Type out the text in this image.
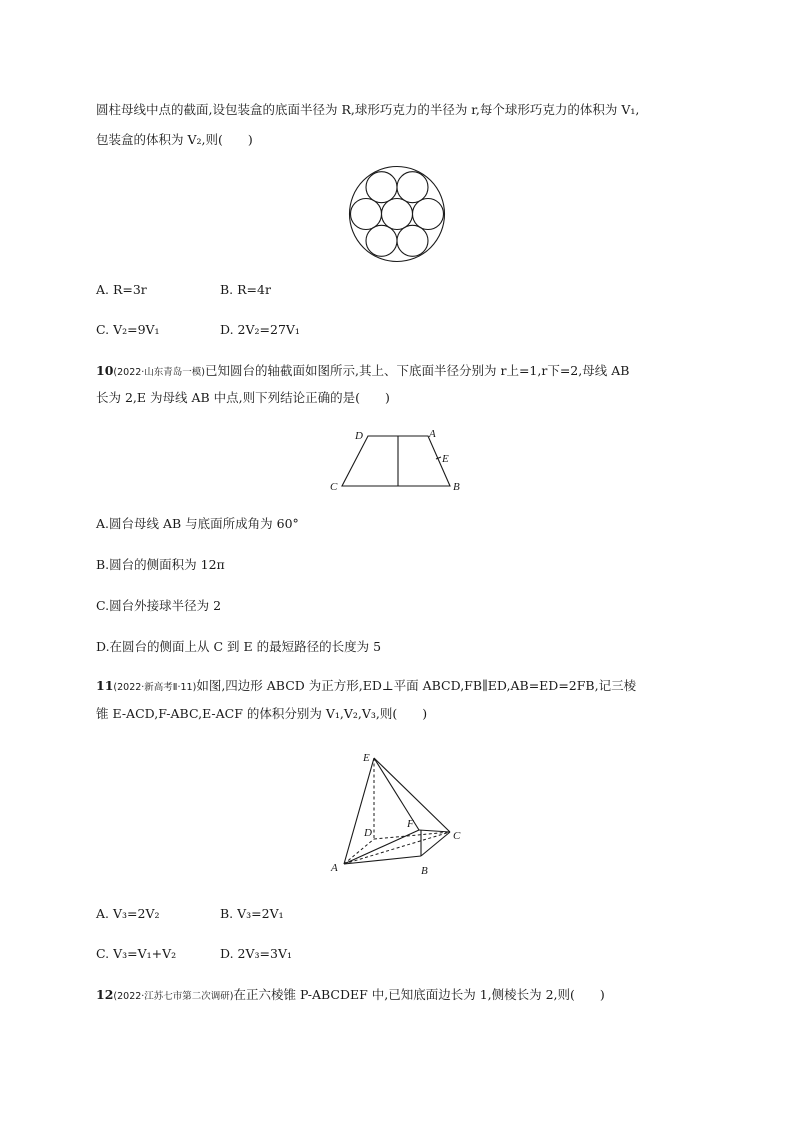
圆柱母线中点的截面,设包装盒的底面半径为 R,球形巧克力的半径为 r,每个球形巧克力的体积为 V₁,
包装盒的体积为 V₂,则(　　)
A. R=3r	B. R=4r
C. V₂=9V₁	D. 2V₂=27V₁
10(2022·山东青岛一模)已知圆台的轴截面如图所示,其上、下底面半径分别为 r上=1,r下=2,母线 AB
长为 2,E 为母线 AB 中点,则下列结论正确的是(　　)
D	A
E
C	B
A.圆台母线 AB 与底面所成角为 60°
B.圆台的侧面积为 12π
C.圆台外接球半径为 2
D.在圆台的侧面上从 C 到 E 的最短路径的长度为 5
11(2022·新高考Ⅱ·11)如图,四边形 ABCD 为正方形,ED⊥平面 ABCD,FB∥ED,AB=ED=2FB,记三棱
锥 E-ACD,F-ABC,E-ACF 的体积分别为 V₁,V₂,V₃,则(　　)
E
D
F
C
A	B
A. V₃=2V₂	B. V₃=2V₁
C. V₃=V₁+V₂	D. 2V₃=3V₁
12(2022·江苏七市第二次调研)在正六棱锥 P-ABCDEF 中,已知底面边长为 1,侧棱长为 2,则(　　)
